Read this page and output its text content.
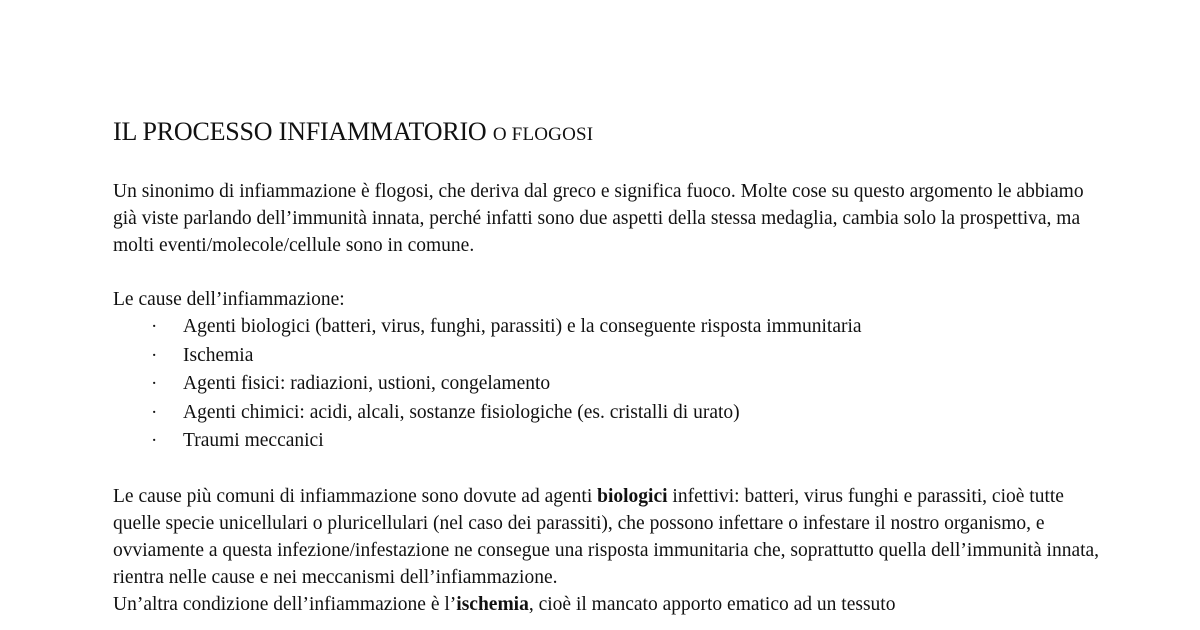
IL PROCESSO INFIAMMATORIO O FLOGOSI

Un sinonimo di infiammazione è flogosi, che deriva dal greco e significa fuoco. Molte cose su questo argomento le abbiamo già viste parlando dell’immunità innata, perché infatti sono due aspetti della stessa medaglia, cambia solo la prospettiva, ma molti eventi/molecole/cellule sono in comune.

Le cause dell’infiammazione:

· Agenti biologici (batteri, virus, funghi, parassiti) e la conseguente risposta immunitaria
· Ischemia
· Agenti fisici: radiazioni, ustioni, congelamento
· Agenti chimici: acidi, alcali, sostanze fisiologiche (es. cristalli di urato)
· Traumi meccanici

Le cause più comuni di infiammazione sono dovute ad agenti biologici infettivi: batteri, virus funghi e parassiti, cioè tutte quelle specie unicellulari o pluricellulari (nel caso dei parassiti), che possono infettare o infestare il nostro organismo, e ovviamente a questa infezione/infestazione ne consegue una risposta immunitaria che, soprattutto quella dell’immunità innata, rientra nelle cause e nei meccanismi dell’infiammazione.

Un’altra condizione dell’infiammazione è l’ischemia, cioè il mancato apporto ematico ad un tessuto
